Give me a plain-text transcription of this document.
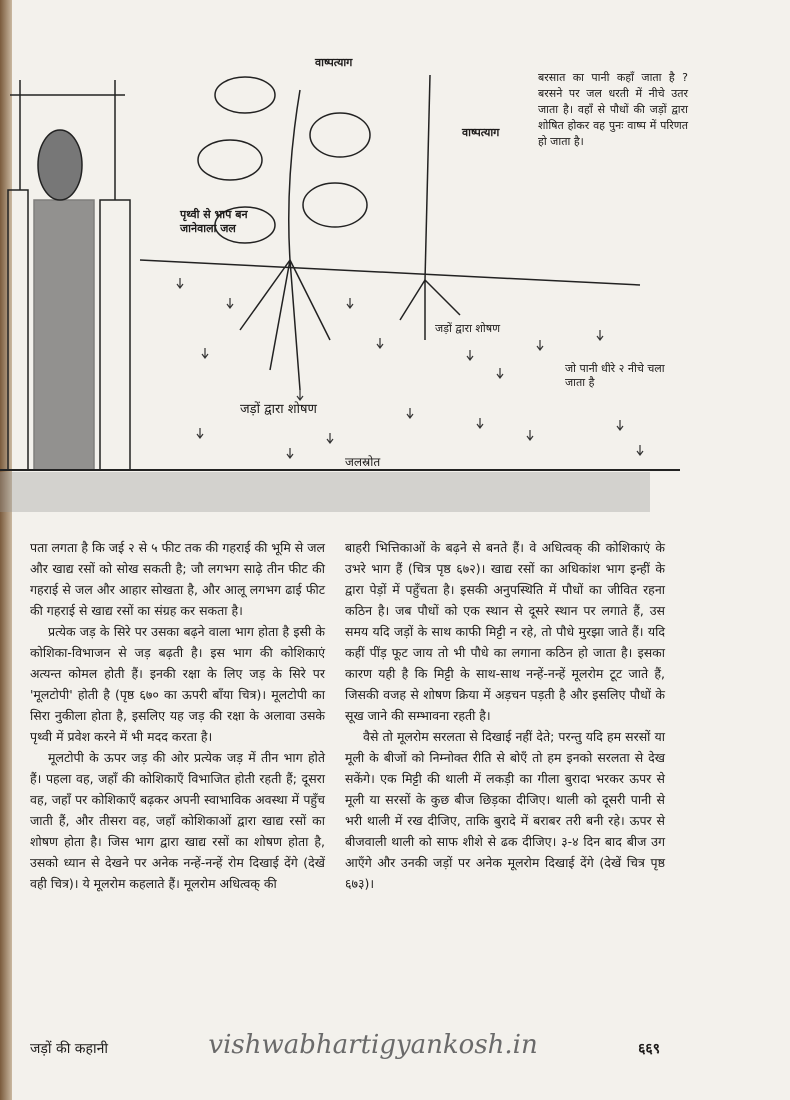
वाष्पत्याग
वाष्पत्याग
पृथ्वी से भाप बन जानेवाला जल
जड़ों द्वारा शोषण
जड़ों द्वारा शोषण
जो पानी धीरे २ नीचे चला जाता है
जलस्रोत
बरसात का पानी कहाँ जाता है ? बरसने पर जल धरती में नीचे उतर जाता है। वहाँ से पौधों की जड़ों द्वारा शोषित होकर वह पुनः वाष्प में परिणत हो जाता है।

पता लगता है कि जई २ से ५ फीट तक की गहराई की भूमि से जल और खाद्य रसों को सोख सकती है; जौ लगभग साढ़े तीन फीट की गहराई से जल और आहार सोखता है, और आलू लगभग ढाई फीट की गहराई से खाद्य रसों का संग्रह कर सकता है।

प्रत्येक जड़ के सिरे पर उसका बढ़ने वाला भाग होता है इसी के कोशिका-विभाजन से जड़ बढ़ती है। इस भाग की कोशिकाएं अत्यन्त कोमल होती हैं। इनकी रक्षा के लिए जड़ के सिरे पर 'मूलटोपी' होती है (पृष्ठ ६७० का ऊपरी बाँया चित्र)। मूलटोपी का सिरा नुकीला होता है, इसलिए यह जड़ की रक्षा के अलावा उसके पृथ्वी में प्रवेश करने में भी मदद करता है।

मूलटोपी के ऊपर जड़ की ओर प्रत्येक जड़ में तीन भाग होते हैं। पहला वह, जहाँ की कोशिकाएँ विभाजित होती रहती हैं; दूसरा वह, जहाँ पर कोशिकाएँ बढ़कर अपनी स्वाभाविक अवस्था में पहुँच जाती हैं, और तीसरा वह, जहाँ कोशिकाओं द्वारा खाद्य रसों का शोषण होता है। जिस भाग द्वारा खाद्य रसों का शोषण होता है, उसको ध्यान से देखने पर अनेक नन्हें-नन्हें रोम दिखाई देंगे (देखें वही चित्र)। ये मूलरोम कहलाते हैं। मूलरोम अधित्वक् की

बाहरी भित्तिकाओं के बढ़ने से बनते हैं। वे अधित्वक् की कोशिकाएं के उभरे भाग हैं (चित्र पृष्ठ ६७२)। खाद्य रसों का अधिकांश भाग इन्हीं के द्वारा पेड़ों में पहुँचता है। इसकी अनुपस्थिति में पौधों का जीवित रहना कठिन है। जब पौधों को एक स्थान से दूसरे स्थान पर लगाते हैं, उस समय यदि जड़ों के साथ काफी मिट्टी न रहे, तो पौधे मुरझा जाते हैं। यदि कहीं पींड़ फूट जाय तो भी पौधे का लगाना कठिन हो जाता है। इसका कारण यही है कि मिट्टी के साथ-साथ नन्हें-नन्हें मूलरोम टूट जाते हैं, जिसकी वजह से शोषण क्रिया में अड़चन पड़ती है और इसलिए पौधों के सूख जाने की सम्भावना रहती है।

वैसे तो मूलरोम सरलता से दिखाई नहीं देते; परन्तु यदि हम सरसों या मूली के बीजों को निम्नोक्त रीति से बोएँ तो हम इनको सरलता से देख सकेंगे। एक मिट्टी की थाली में लकड़ी का गीला बुरादा भरकर ऊपर से मूली या सरसों के कुछ बीज छिड़का दीजिए। थाली को दूसरी पानी से भरी थाली में रख दीजिए, ताकि बुरादे में बराबर तरी बनी रहे। ऊपर से बीजवाली थाली को साफ शीशे से ढक दीजिए। ३-४ दिन बाद बीज उग आएँगे और उनकी जड़ों पर अनेक मूलरोम दिखाई देंगे (देखें चित्र पृष्ठ ६७३)।

जड़ों की कहानी	vishwabhartigyankosh.in	६६९
